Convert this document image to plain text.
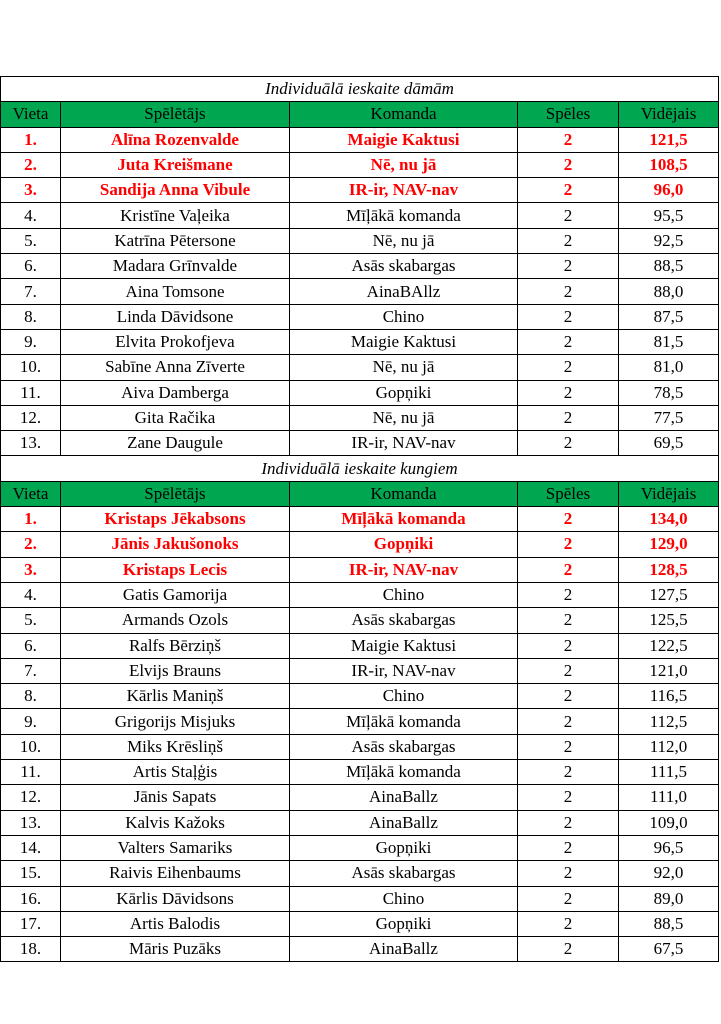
Individuālā ieskaite dāmām				
Vieta	Spēlētājs	Komanda	Spēles	Vidējais
1.	Alīna Rozenvalde	Maigie Kaktusi	2	121,5
2.	Juta Kreišmane	Nē, nu jā	2	108,5
3.	Sandija Anna Vibule	IR-ir, NAV-nav	2	96,0
4.	Kristīne Vaļeika	Mīļākā komanda	2	95,5
5.	Katrīna Pētersone	Nē, nu jā	2	92,5
6.	Madara Grīnvalde	Asās skabargas	2	88,5
7.	Aina Tomsone	AinaBAllz	2	88,0
8.	Linda Dāvidsone	Chino	2	87,5
9.	Elvita Prokofjeva	Maigie Kaktusi	2	81,5
10.	Sabīne Anna Zīverte	Nē, nu jā	2	81,0
11.	Aiva Damberga	Gopņiki	2	78,5
12.	Gita Račika	Nē, nu jā	2	77,5
13.	Zane Daugule	IR-ir, NAV-nav	2	69,5
Individuālā ieskaite kungiem				
Vieta	Spēlētājs	Komanda	Spēles	Vidējais
1.	Kristaps Jēkabsons	Mīļākā komanda	2	134,0
2.	Jānis Jakušonoks	Gopņiki	2	129,0
3.	Kristaps Lecis	IR-ir, NAV-nav	2	128,5
4.	Gatis Gamorija	Chino	2	127,5
5.	Armands Ozols	Asās skabargas	2	125,5
6.	Ralfs Bērziņš	Maigie Kaktusi	2	122,5
7.	Elvijs Brauns	IR-ir, NAV-nav	2	121,0
8.	Kārlis Maniņš	Chino	2	116,5
9.	Grigorijs Misjuks	Mīļākā komanda	2	112,5
10.	Miks Krēsliņš	Asās skabargas	2	112,0
11.	Artis Staļģis	Mīļākā komanda	2	111,5
12.	Jānis Sapats	AinaBallz	2	111,0
13.	Kalvis Kažoks	AinaBallz	2	109,0
14.	Valters Samariks	Gopņiki	2	96,5
15.	Raivis Eihenbaums	Asās skabargas	2	92,0
16.	Kārlis Dāvidsons	Chino	2	89,0
17.	Artis Balodis	Gopņiki	2	88,5
18.	Māris Puzāks	AinaBallz	2	67,5
